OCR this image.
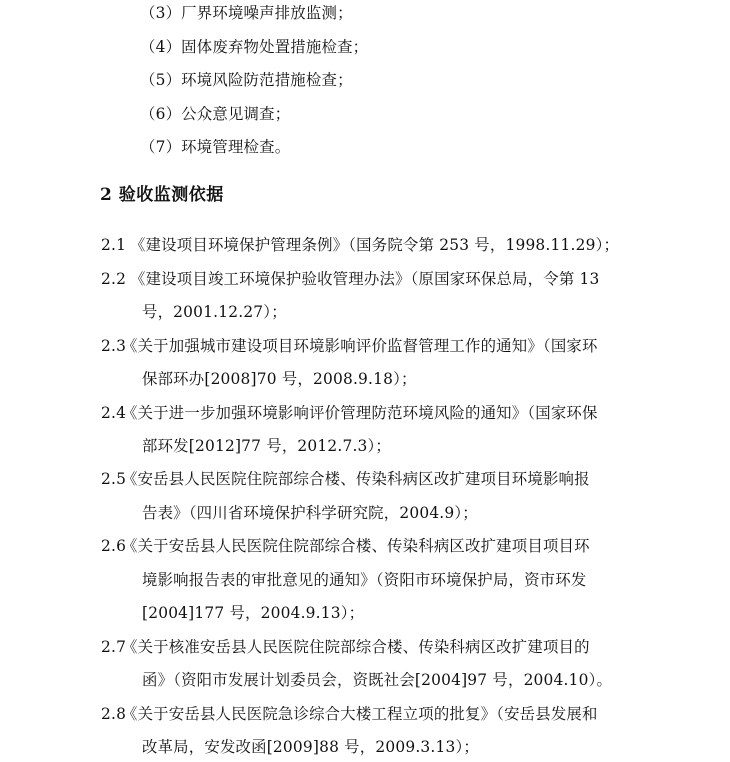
（3）厂界环境噪声排放监测；
（4）固体废弃物处置措施检查；
（5）环境风险防范措施检查；
（6）公众意见调查；
（7）环境管理检查。
2 验收监测依据
2.1 《建设项目环境保护管理条例》（国务院令第 253 号，1998.11.29）；
2.2 《建设项目竣工环境保护验收管理办法》（原国家环保总局，令第 13
号，2001.12.27）；
2.3
《关于加强城市建设项目环境影响评价监督管理工作的通知》（国家环
保部环办[2008]70 号，2008.9.18）；
2.4
《关于进一步加强环境影响评价管理防范环境风险的通知》（国家环保
部环发[2012]77 号，2012.7.3）；
2.5
《安岳县人民医院住院部综合楼、传染科病区改扩建项目环境影响报
告表》（四川省环境保护科学研究院，2004.9）；
2.6
《关于安岳县人民医院住院部综合楼、传染科病区改扩建项目项目环
境影响报告表的审批意见的通知》（资阳市环境保护局，资市环发
[2004]177 号，2004.9.13）；
2.7
《关于核准安岳县人民医院住院部综合楼、传染科病区改扩建项目的
函》（资阳市发展计划委员会，资既社会[2004]97 号，2004.10）。
2.8
《关于安岳县人民医院急诊综合大楼工程立项的批复》（安岳县发展和
改革局，安发改函[2009]88 号，2009.3.13）；
